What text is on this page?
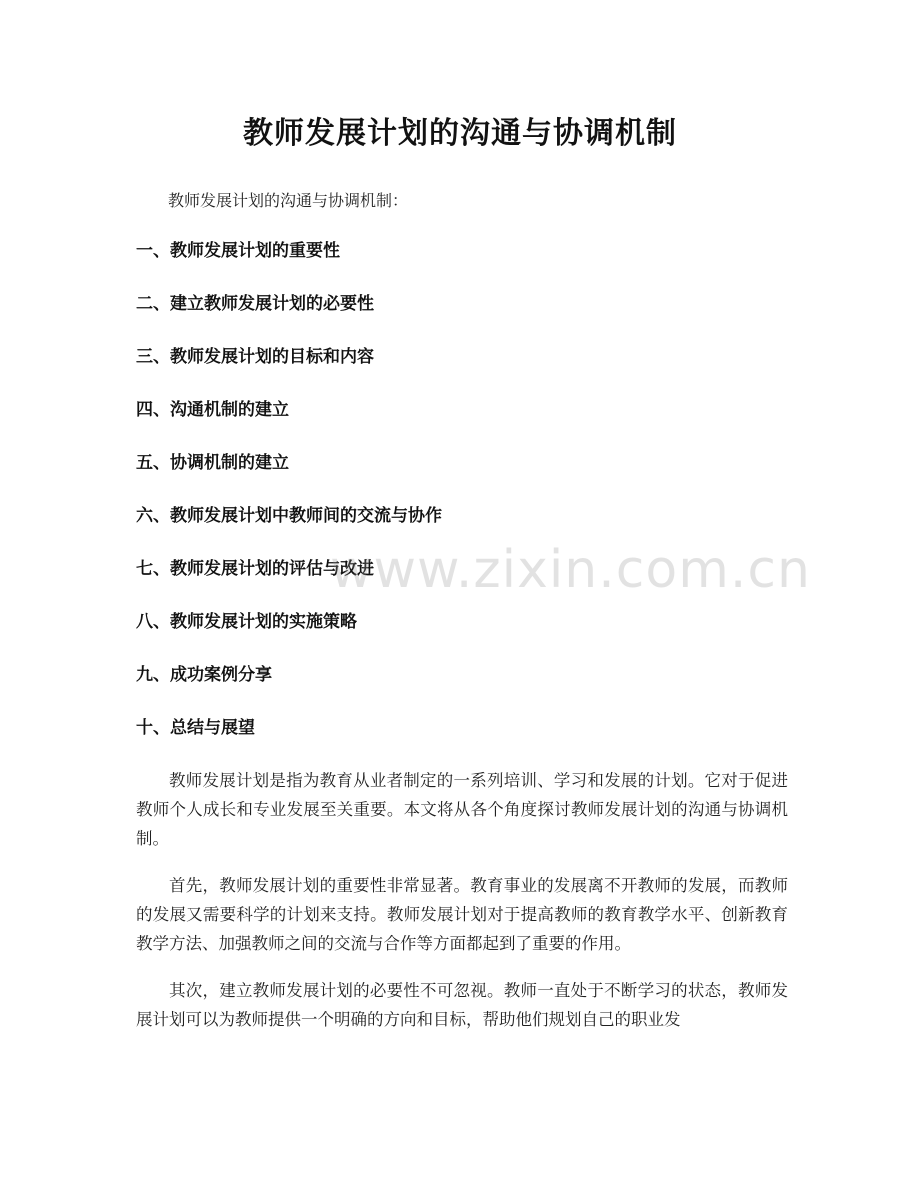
教师发展计划的沟通与协调机制

教师发展计划的沟通与协调机制：

一、教师发展计划的重要性
二、建立教师发展计划的必要性
三、教师发展计划的目标和内容
四、沟通机制的建立
五、协调机制的建立
六、教师发展计划中教师间的交流与协作
七、教师发展计划的评估与改进
八、教师发展计划的实施策略
九、成功案例分享
十、总结与展望

教师发展计划是指为教育从业者制定的一系列培训、学习和发展的计划。它对于促进教师个人成长和专业发展至关重要。本文将从各个角度探讨教师发展计划的沟通与协调机制。

首先，教师发展计划的重要性非常显著。教育事业的发展离不开教师的发展，而教师的发展又需要科学的计划来支持。教师发展计划对于提高教师的教育教学水平、创新教育教学方法、加强教师之间的交流与合作等方面都起到了重要的作用。

其次，建立教师发展计划的必要性不可忽视。教师一直处于不断学习的状态，教师发展计划可以为教师提供一个明确的方向和目标，帮助他们规划自己的职业发

www.zixin.com.cn
